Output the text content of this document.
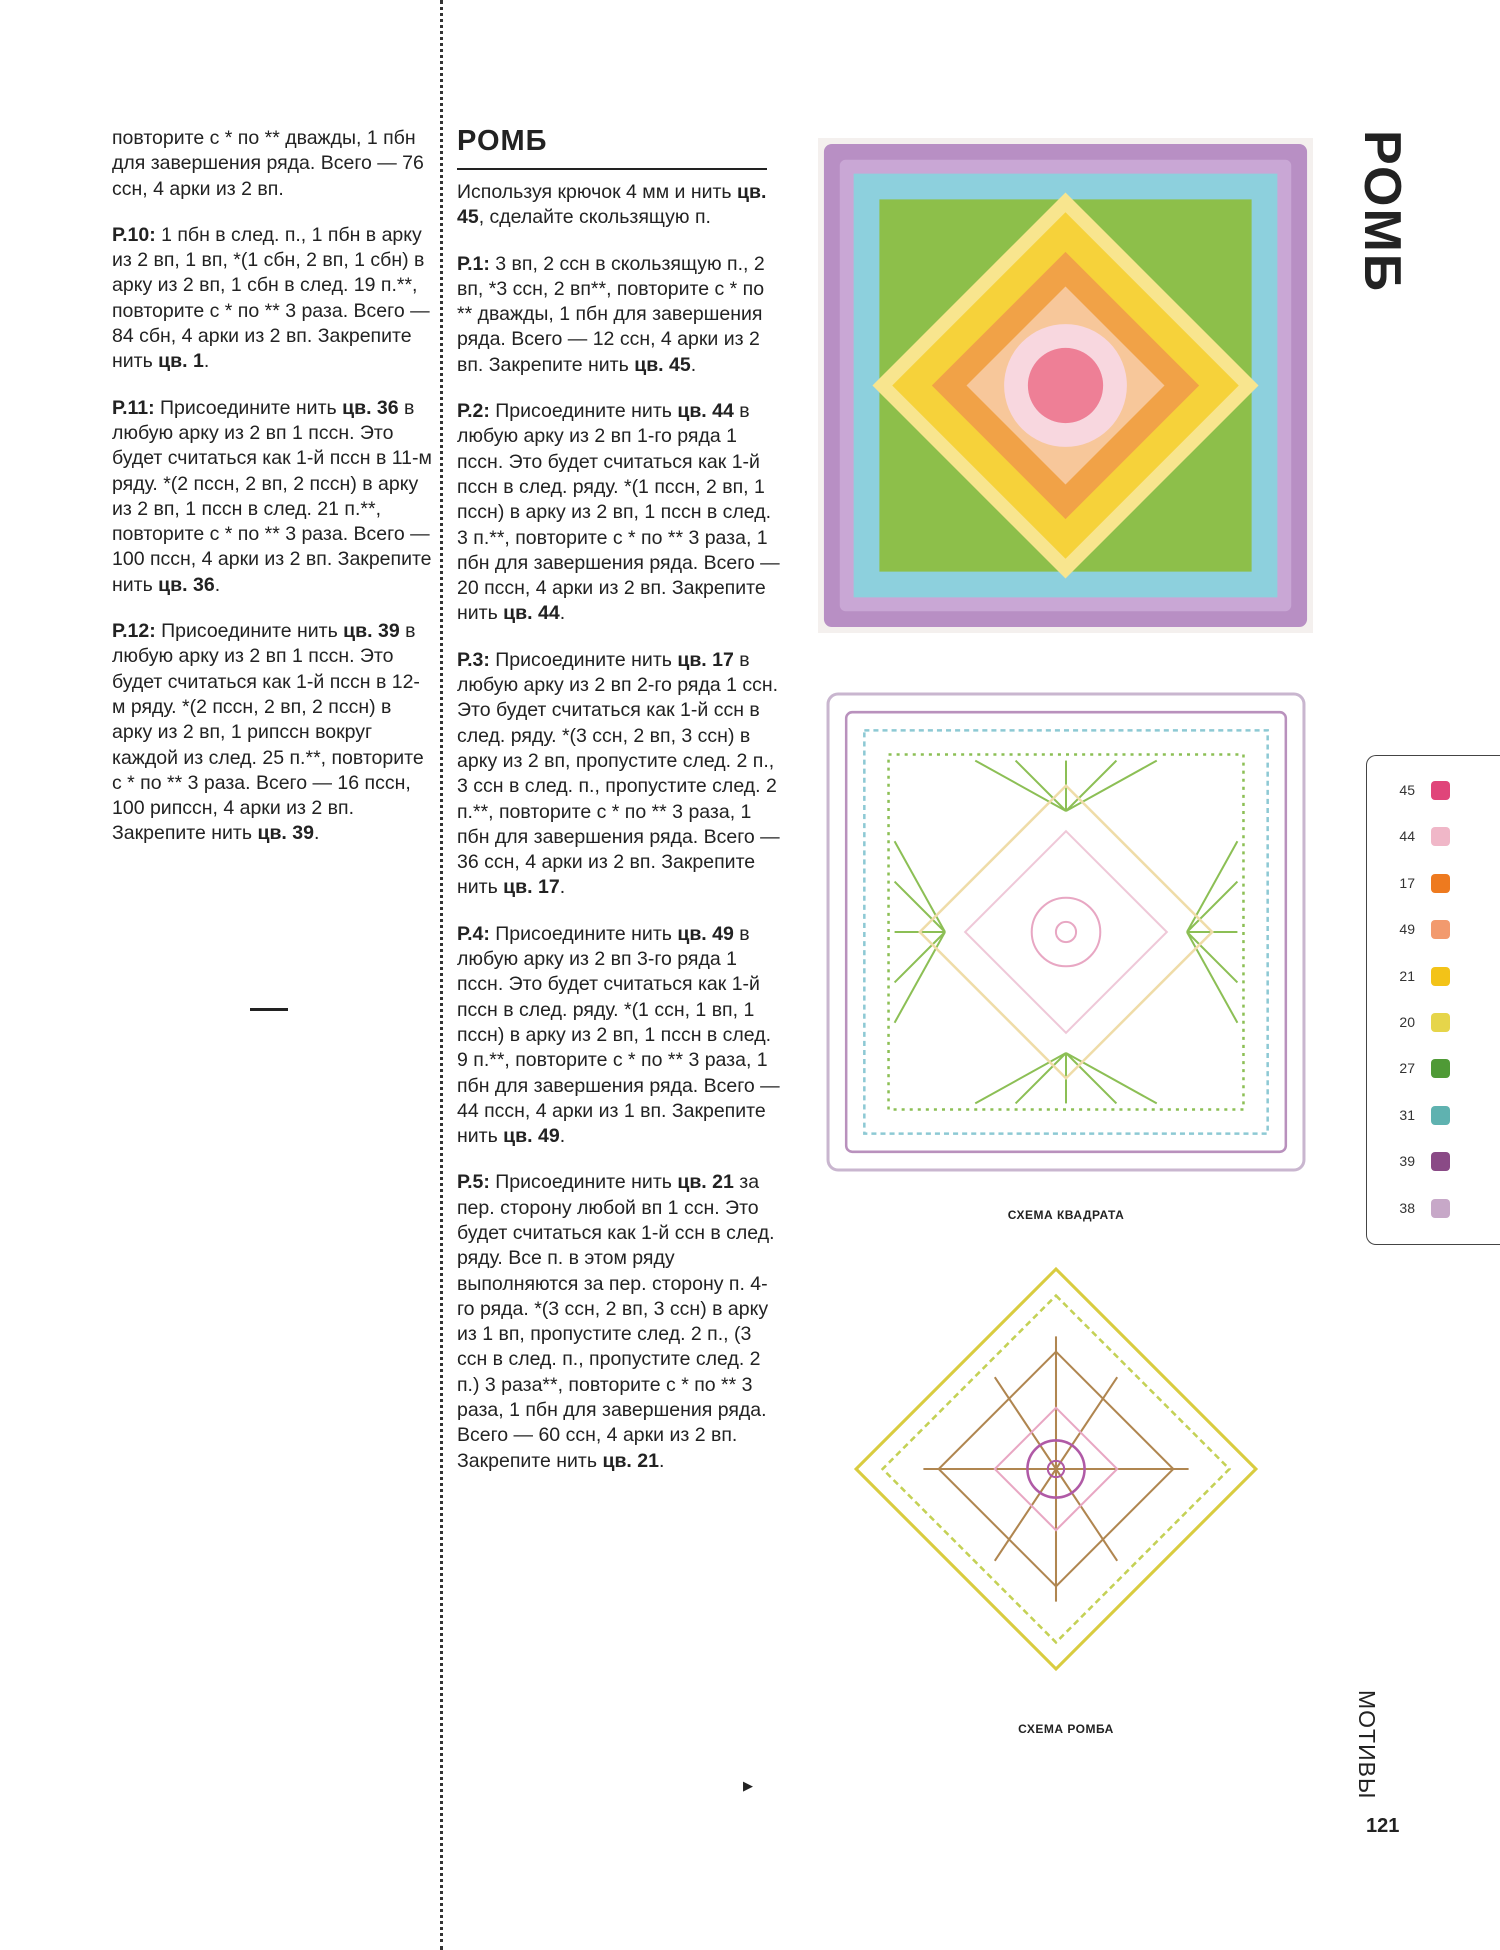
повторите с * по ** дважды, 1 пбн для завершения ряда. Всего — 76 ссн, 4 арки из 2 вп.

Р.10: 1 пбн в след. п., 1 пбн в арку из 2 вп, 1 вп, *(1 сбн, 2 вп, 1 сбн) в арку из 2 вп, 1 сбн в след. 19 п.**, повторите с * по ** 3 раза. Всего — 84 сбн, 4 арки из 2 вп. Закрепите нить цв. 1.

Р.11: Присоедините нить цв. 36 в любую арку из 2 вп 1 псcн. Это будет считаться как 1-й псcн в 11-м ряду. *(2 псcн, 2 вп, 2 псcн) в арку из 2 вп, 1 псcн в след. 21 п.**, повторите с * по ** 3 раза. Всего — 100 псcн, 4 арки из 2 вп. Закрепите нить цв. 36.

Р.12: Присоедините нить цв. 39 в любую арку из 2 вп 1 псcн. Это будет считаться как 1-й псcн в 12-м ряду. *(2 псcн, 2 вп, 2 псcн) в арку из 2 вп, 1 рипссн вокруг каждой из след. 25 п.**, повторите с * по ** 3 раза. Всего — 16 псcн, 100 рипссн, 4 арки из 2 вп. Закрепите нить цв. 39.

РОМБ

Используя крючок 4 мм и нить цв. 45, сделайте скользящую п.

Р.1: 3 вп, 2 ссн в скользящую п., 2 вп, *3 ссн, 2 вп**, повторите с * по ** дважды, 1 пбн для завершения ряда. Всего — 12 ссн, 4 арки из 2 вп. Закрепите нить цв. 45.

Р.2: Присоедините нить цв. 44 в любую арку из 2 вп 1-го ряда 1 псcн. Это будет считаться как 1-й псcн в след. ряду. *(1 псcн, 2 вп, 1 псcн) в арку из 2 вп, 1 псcн в след. 3 п.**, повторите с * по ** 3 раза, 1 пбн для завершения ряда. Всего — 20 псcн, 4 арки из 2 вп. Закрепите нить цв. 44.

Р.3: Присоедините нить цв. 17 в любую арку из 2 вп 2-го ряда 1 ссн. Это будет считаться как 1-й ссн в след. ряду. *(3 ссн, 2 вп, 3 ссн) в арку из 2 вп, пропустите след. 2 п., 3 ссн в след. п., пропустите след. 2 п.**, повторите с * по ** 3 раза, 1 пбн для завершения ряда. Всего — 36 ссн, 4 арки из 2 вп. Закрепите нить цв. 17.

Р.4: Присоедините нить цв. 49 в любую арку из 2 вп 3-го ряда 1 псcн. Это будет считаться как 1-й псcн в след. ряду. *(1 ссн, 1 вп, 1 псcн) в арку из 2 вп, 1 псcн в след. 9 п.**, повторите с * по ** 3 раза, 1 пбн для завершения ряда. Всего — 44 псcн, 4 арки из 1 вп. Закрепите нить цв. 49.

Р.5: Присоедините нить цв. 21 за пер. сторону любой вп 1 ссн. Это будет считаться как 1-й ссн в след. ряду. Все п. в этом ряду выполняются за пер. сторону п. 4-го ряда. *(3 ссн, 2 вп, 3 ссн) в арку из 1 вп, пропустите след. 2 п., (3 ссн в след. п., пропустите след. 2 п.) 3 раза**, повторите с * по ** 3 раза, 1 пбн для завершения ряда. Всего — 60 ссн, 4 арки из 2 вп. Закрепите нить цв. 21.

▶
СХЕМА КВАДРАТА
СХЕМА РОМБА
РОМБ
45
44
17
49
21
20
27
31
39
38
МОТИВЫ
121
